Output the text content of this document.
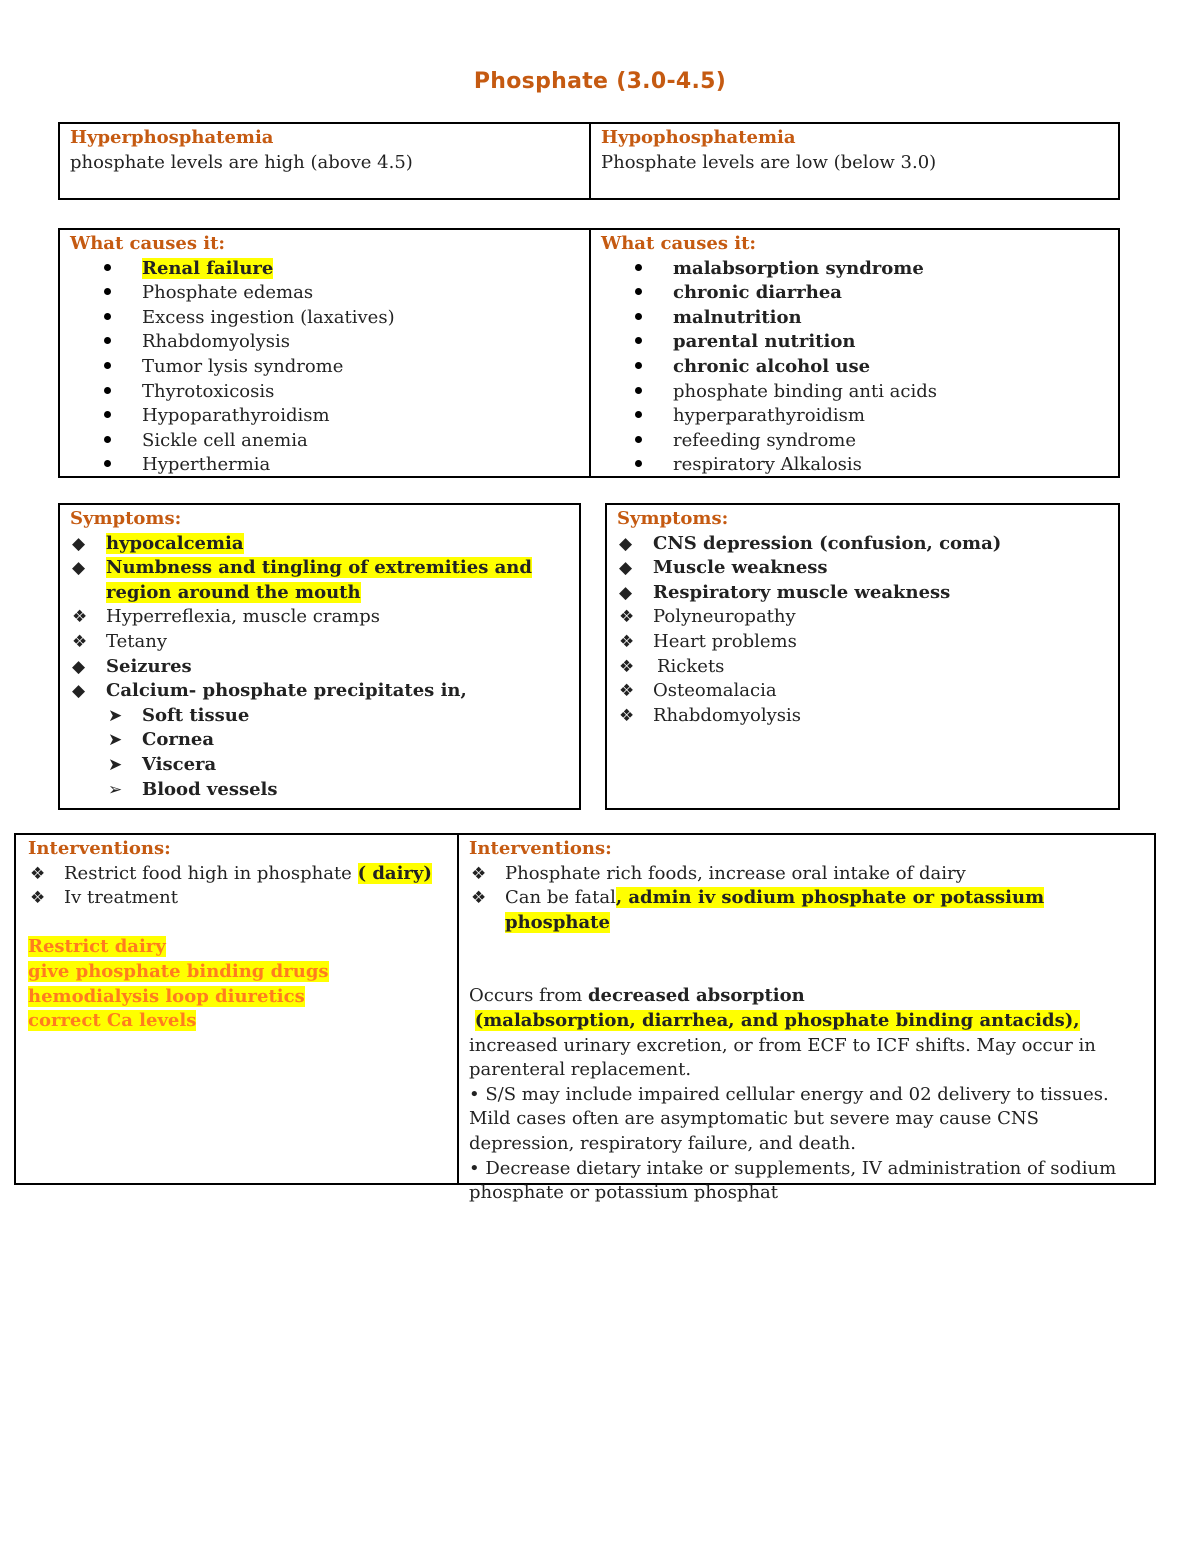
Phosphate (3.0-4.5)
Hyperphosphatemia
phosphate levels are high (above 4.5)
Hypophosphatemia
Phosphate levels are low (below 3.0)
What causes it:
Renal failure
Phosphate edemas
Excess ingestion (laxatives)
Rhabdomyolysis
Tumor lysis syndrome
Thyrotoxicosis
Hypoparathyroidism
Sickle cell anemia
Hyperthermia
What causes it:
malabsorption syndrome
chronic diarrhea
malnutrition
parental nutrition
chronic alcohol use
phosphate binding anti acids
hyperparathyroidism
refeeding syndrome
respiratory Alkalosis
Symptoms:
◆ hypocalcemia
◆ Numbness and tingling of extremities and region around the mouth
❖ Hyperreflexia, muscle cramps
❖ Tetany
◆ Seizures
◆ Calcium- phosphate precipitates in,
➤ Soft tissue
➤ Cornea
➤ Viscera
➢ Blood vessels
Symptoms:
◆ CNS depression (confusion, coma)
◆ Muscle weakness
◆ Respiratory muscle weakness
❖ Polyneuropathy
❖ Heart problems
❖ Rickets
❖ Osteomalacia
❖ Rhabdomyolysis
Interventions:
❖ Restrict food high in phosphate ( dairy)
❖ Iv treatment
Restrict dairy
give phosphate binding drugs
hemodialysis loop diuretics
correct Ca levels
Interventions:
❖ Phosphate rich foods, increase oral intake of dairy
❖ Can be fatal, admin iv sodium phosphate or potassium phosphate

Occurs from decreased absorption
(malabsorption, diarrhea, and phosphate binding antacids), increased urinary excretion, or from ECF to ICF shifts. May occur in parenteral replacement.

• S/S may include impaired cellular energy and 02 delivery to tissues. Mild cases often are asymptomatic but severe may cause CNS depression, respiratory failure, and death.

• Decrease dietary intake or supplements, IV administration of sodium phosphate or potassium phosphat
